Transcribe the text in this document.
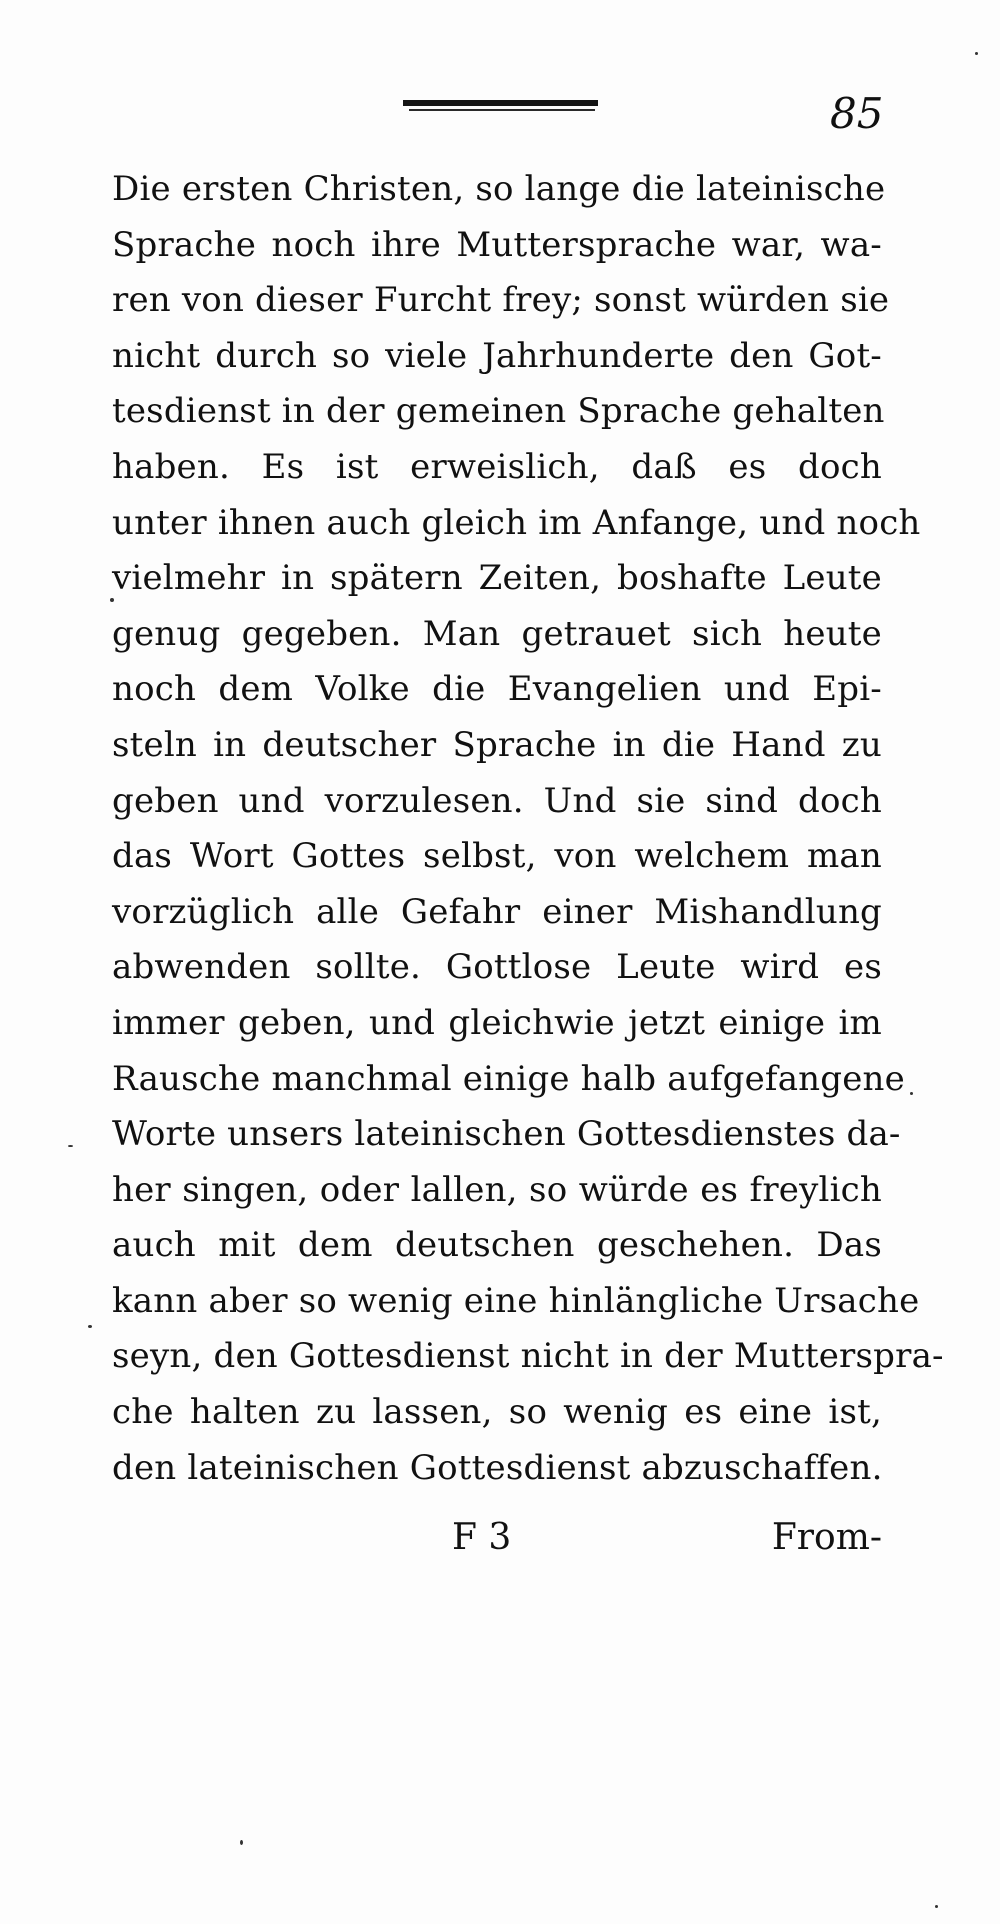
85
Die ersten Christen, so lange die lateinische
Sprache noch ihre Muttersprache war, wa-
ren von dieser Furcht frey; sonst würden sie
nicht durch so viele Jahrhunderte den Got-
tesdienst in der gemeinen Sprache gehalten
haben. Es ist erweislich, daß es doch
unter ihnen auch gleich im Anfange, und noch
vielmehr in spätern Zeiten, boshafte Leute
genug gegeben. Man getrauet sich heute
noch dem Volke die Evangelien und Epi-
steln in deutscher Sprache in die Hand zu
geben und vorzulesen. Und sie sind doch
das Wort Gottes selbst, von welchem man
vorzüglich alle Gefahr einer Mishandlung
abwenden sollte. Gottlose Leute wird es
immer geben, und gleichwie jetzt einige im
Rausche manchmal einige halb aufgefangene
Worte unsers lateinischen Gottesdienstes da-
her singen, oder lallen, so würde es freylich
auch mit dem deutschen geschehen. Das
kann aber so wenig eine hinlängliche Ursache
seyn, den Gottesdienst nicht in der Mutterspra-
che halten zu lassen, so wenig es eine ist,
den lateinischen Gottesdienst abzuschaffen.
F 3	From-
